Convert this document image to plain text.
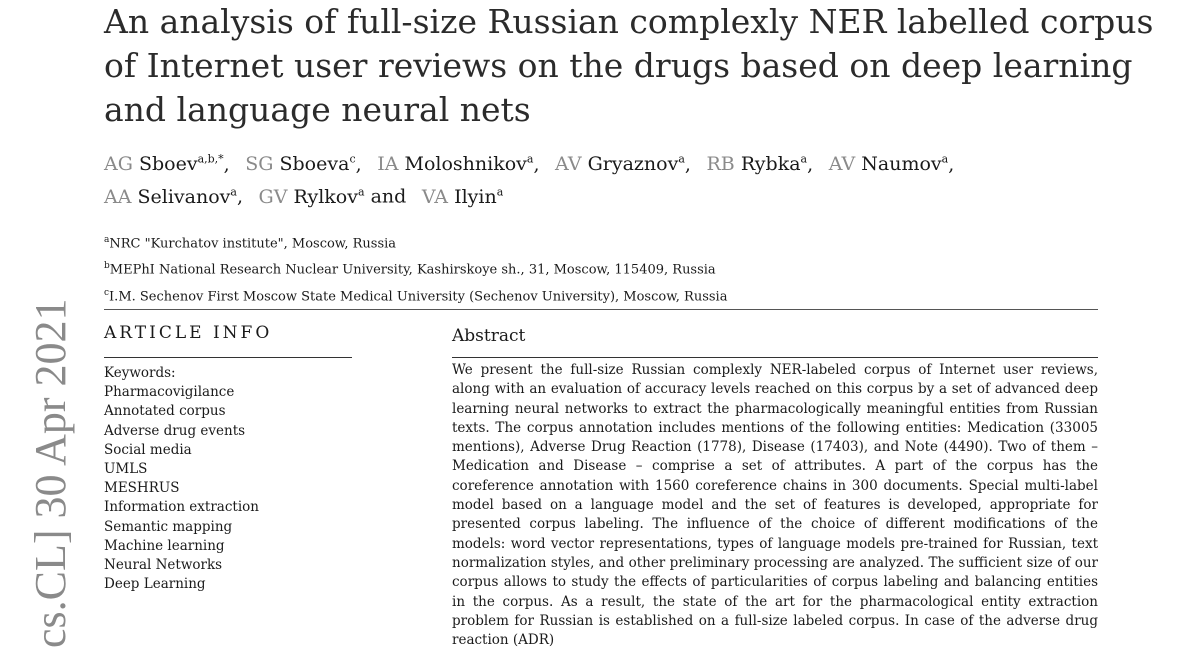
cs.CL] 30 Apr 2021
An analysis of full-size Russian complexly NER labelled corpus of Internet user reviews on the drugs based on deep learning and language neural nets
AG Sboev$^{a,b,*}$,  SG Sboeva$^c$,  IA Moloshnikov$^a$,  AV Gryaznov$^a$,  RB Rybka$^a$,  AV Naumov$^a$, 
AA Selivanov$^a$,  GV Rylkov$^a$ and  VA Ilyin$^a$
$^a$NRC "Kurchatov institute", Moscow, Russia
$^b$MEPhI National Research Nuclear University, Kashirskoye sh., 31, Moscow, 115409, Russia
$^c$I.M. Sechenov First Moscow State Medical University (Sechenov University), Moscow, Russia
ARTICLE INFO
Keywords:
Pharmacovigilance
Annotated corpus
Adverse drug events
Social media
UMLS
MESHRUS
Information extraction
Semantic mapping
Machine learning
Neural Networks
Deep Learning
Abstract

We present the full-size Russian complexly NER-labeled corpus of Internet user reviews, along with an evaluation of accuracy levels reached on this corpus by a set of advanced deep learning neural networks to extract the pharmacologically meaningful entities from Russian texts. The corpus annotation includes mentions of the following entities: Medication (33005 mentions), Adverse Drug Reaction (1778), Disease (17403), and Note (4490). Two of them – Medication and Disease – comprise a set of attributes. A part of the corpus has the coreference annotation with 1560 coreference chains in 300 documents. Special multi-label model based on a language model and the set of features is developed, appropriate for presented corpus labeling. The influence of the choice of different modifications of the models: word vector representations, types of language models pre-trained for Russian, text normalization styles, and other preliminary processing are analyzed. The sufficient size of our corpus allows to study the effects of particularities of corpus labeling and balancing entities in the corpus. As a result, the state of the art for the pharmacological entity extraction problem for Russian is established on a full-size labeled corpus. In case of the adverse drug reaction (ADR)
